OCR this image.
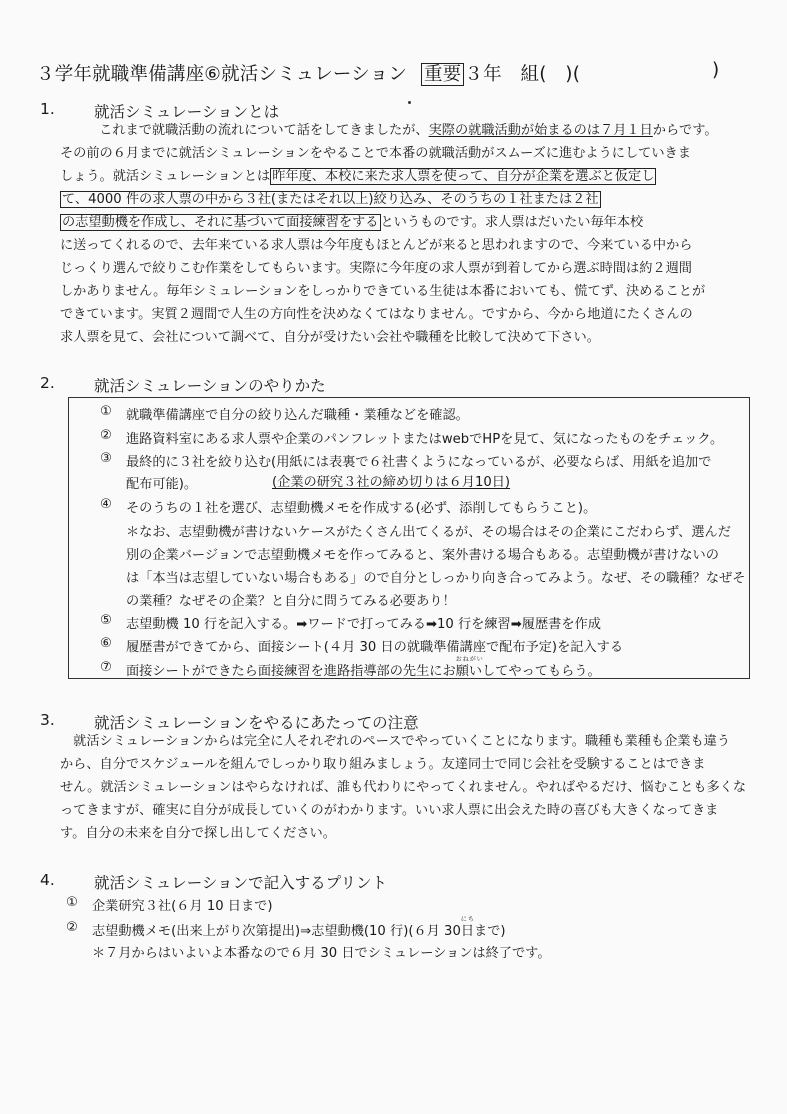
３学年就職準備講座⑥就活シミュレーション 重要 ３年　組(　)(	)
1.	就活シミュレーションとは
　これまで就職活動の流れについて話をしてきましたが、実際の就職活動が始まるのは７月１日からです。
その前の６月までに就活シミュレーションをやることで本番の就職活動がスムーズに進むようにしていきま
しょう。就活シミュレーションとは 昨年度、本校に来た求人票を使って、自分が企業を選ぶと仮定し
て、4000 件の求人票の中から３社(またはそれ以上)絞り込み、そのうちの１社または２社
の志望動機を作成し、それに基づいて面接練習をする というものです。求人票はだいたい毎年本校
に送ってくれるので、去年来ている求人票は今年度もほとんどが来ると思われますので、今来ている中から
じっくり選んで絞りこむ作業をしてもらいます。実際に今年度の求人票が到着してから選ぶ時間は約２週間
しかありません。毎年シミュレーションをしっかりできている生徒は本番においても、慌てず、決めることが
できています。実質２週間で人生の方向性を決めなくてはなりません。ですから、今から地道にたくさんの
求人票を見て、会社について調べて、自分が受けたい会社や職種を比較して決めて下さい。
2.	就活シミュレーションのやりかた
① 就職準備講座で自分の絞り込んだ職種・業種などを確認。
② 進路資料室にある求人票や企業のパンフレットまたはwebでHPを見て、気になったものをチェック。
③ 最終的に３社を絞り込む(用紙には表裏で６社書くようになっているが、必要ならば、用紙を追加で
配布可能)。	(企業の研究３社の締め切りは６月10日)
④ そのうちの１社を選び、志望動機メモを作成する(必ず、添削してもらうこと)。
＊なお、志望動機が書けないケースがたくさん出てくるが、その場合はその企業にこだわらず、選んだ
別の企業バージョンで志望動機メモを作ってみると、案外書ける場合もある。志望動機が書けないの
は「本当は志望していない場合もある」ので自分としっかり向き合ってみよう。なぜ、その職種？なぜそ
の業種？なぜその企業？と自分に問うてみる必要あり！
⑤ 志望動機 10 行を記入する。➡ワードで打ってみる➡10 行を練習➡履歴書を作成
⑥ 履歴書ができてから、面接シート(４月 30 日の就職準備講座で配布予定)を記入する
⑦ 面接シートができたら面接練習を進路指導部の先生にお
おねがい
願いしてやってもらう。
3.	就活シミュレーションをやるにあたっての注意
　就活シミュレーションからは完全に人それぞれのペースでやっていくことになります。職種も業種も企業も違う
から、自分でスケジュールを組んでしっかり取り組みましょう。友達同士で同じ会社を受験することはできま
せん。就活シミュレーションはやらなければ、誰も代わりにやってくれません。やればやるだけ、悩むことも多くな
ってきますが、確実に自分が成長していくのがわかります。いい求人票に出会えた時の喜びも大きくなってきま
す。自分の未来を自分で探し出してください。
4.	就活シミュレーションで記入するプリント
① 企業研究３社(６月 10 日まで)
② 志望動機メモ(出来上がり次第提出)⇒志望動機(10 行)(６月 30
にち
日まで)
＊７月からはいよいよ本番なので６月 30 日でシミュレーションは終了です。
